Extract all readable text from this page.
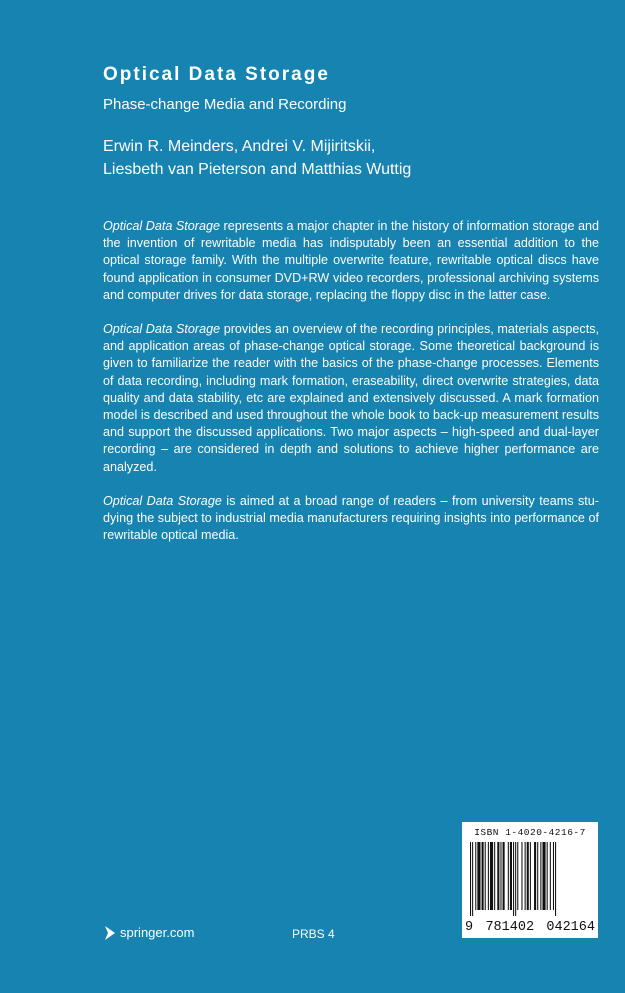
Optical Data Storage

Phase-change Media and Recording

Erwin R. Meinders, Andrei V. Mijiritskii,
Liesbeth van Pieterson and Matthias Wuttig

Optical Data Storage represents a major chapter in the history of information storage and the invention of rewritable media has indisputably been an essential addition to the optical storage family. With the multiple overwrite feature, rewritable optical discs have found application in consumer DVD+RW video recorders, professional archiving systems and computer drives for data storage, replacing the floppy disc in the latter case.

Optical Data Storage provides an overview of the recording principles, materials aspects, and application areas of phase-change optical storage. Some theoretical background is given to familiarize the reader with the basics of the phase-change processes. Elements of data recording, including mark formation, eraseability, direct overwrite strategies, data quality and data stability, etc are explained and extensively discussed. A mark formation model is described and used throughout the whole book to back-up measurement results and support the discussed applications. Two major aspects – high-speed and dual-layer recording – are considered in depth and solutions to achieve higher performance are analyzed.

Optical Data Storage is aimed at a broad range of readers – from university teams studying the subject to industrial media manufacturers requiring insights into performance of rewritable optical media.

springer.com	PRBS 4
ISBN 1-4020-4216-7
9 781402 042164
